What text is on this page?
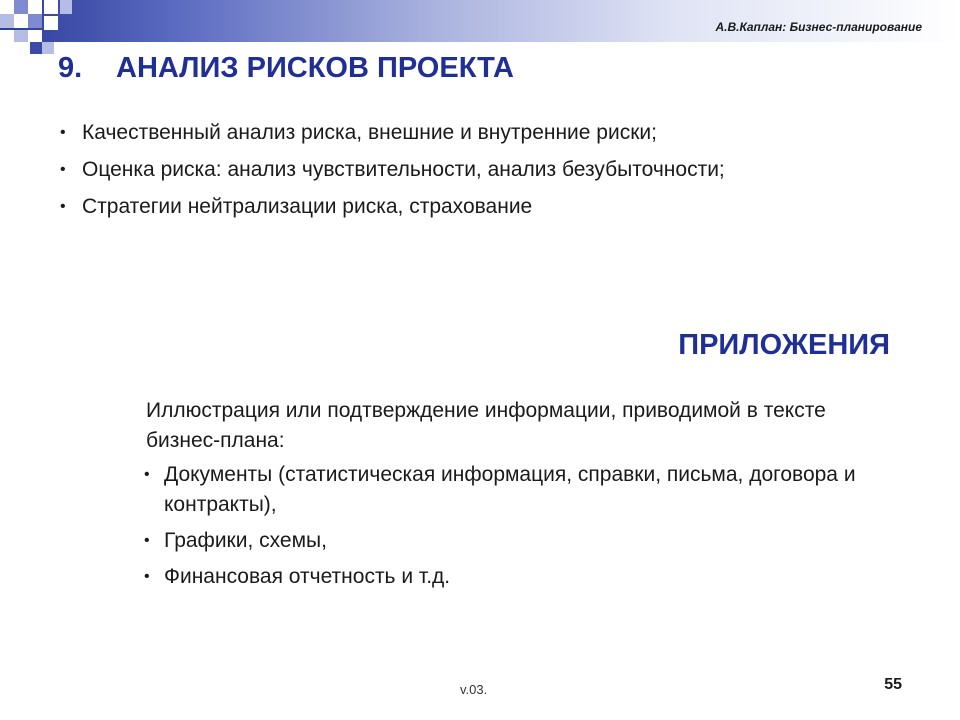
А.В.Каплан: Бизнес-планирование
9. АНАЛИЗ РИСКОВ ПРОЕКТА
• Качественный анализ риска, внешние и внутренние риски;
• Оценка риска: анализ чувствительности, анализ безубыточности;
• Стратегии нейтрализации риска, страхование
ПРИЛОЖЕНИЯ
Иллюстрация или подтверждение информации, приводимой в тексте бизнес-плана:
• Документы (статистическая информация, справки, письма, договора и контракты),
• Графики, схемы,
• Финансовая отчетность и т.д.
v.03.	55
